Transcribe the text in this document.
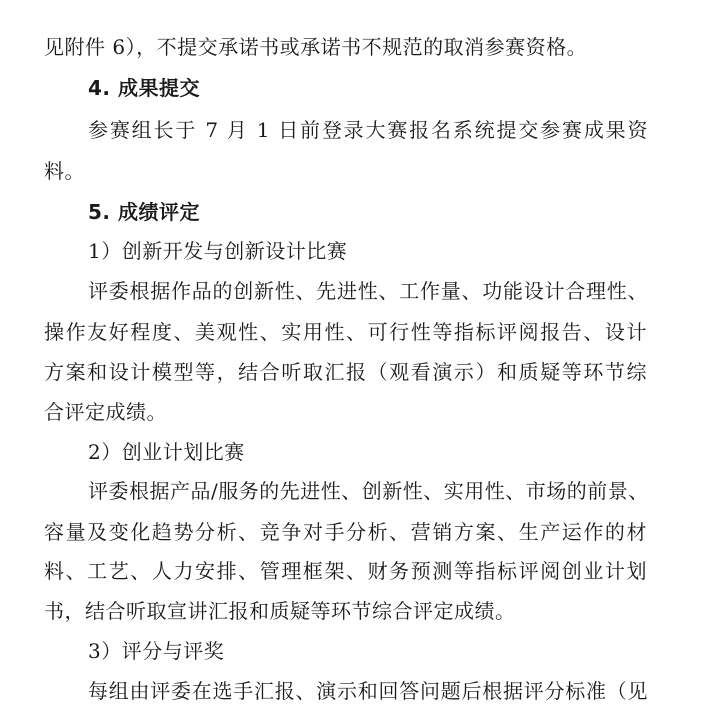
见附件 6），不提交承诺书或承诺书不规范的取消参赛资格。
4. 成果提交
参赛组长于 7 月 1 日前登录大赛报名系统提交参赛成果资
料。
5. 成绩评定
1）创新开发与创新设计比赛
评委根据作品的创新性、先进性、工作量、功能设计合理性、
操作友好程度、美观性、实用性、可行性等指标评阅报告、设计
方案和设计模型等，结合听取汇报（观看演示）和质疑等环节综
合评定成绩。
2）创业计划比赛
评委根据产品/服务的先进性、创新性、实用性、市场的前景、
容量及变化趋势分析、竞争对手分析、营销方案、生产运作的材
料、工艺、人力安排、管理框架、财务预测等指标评阅创业计划
书，结合听取宣讲汇报和质疑等环节综合评定成绩。
3）评分与评奖
每组由评委在选手汇报、演示和回答问题后根据评分标准（见
